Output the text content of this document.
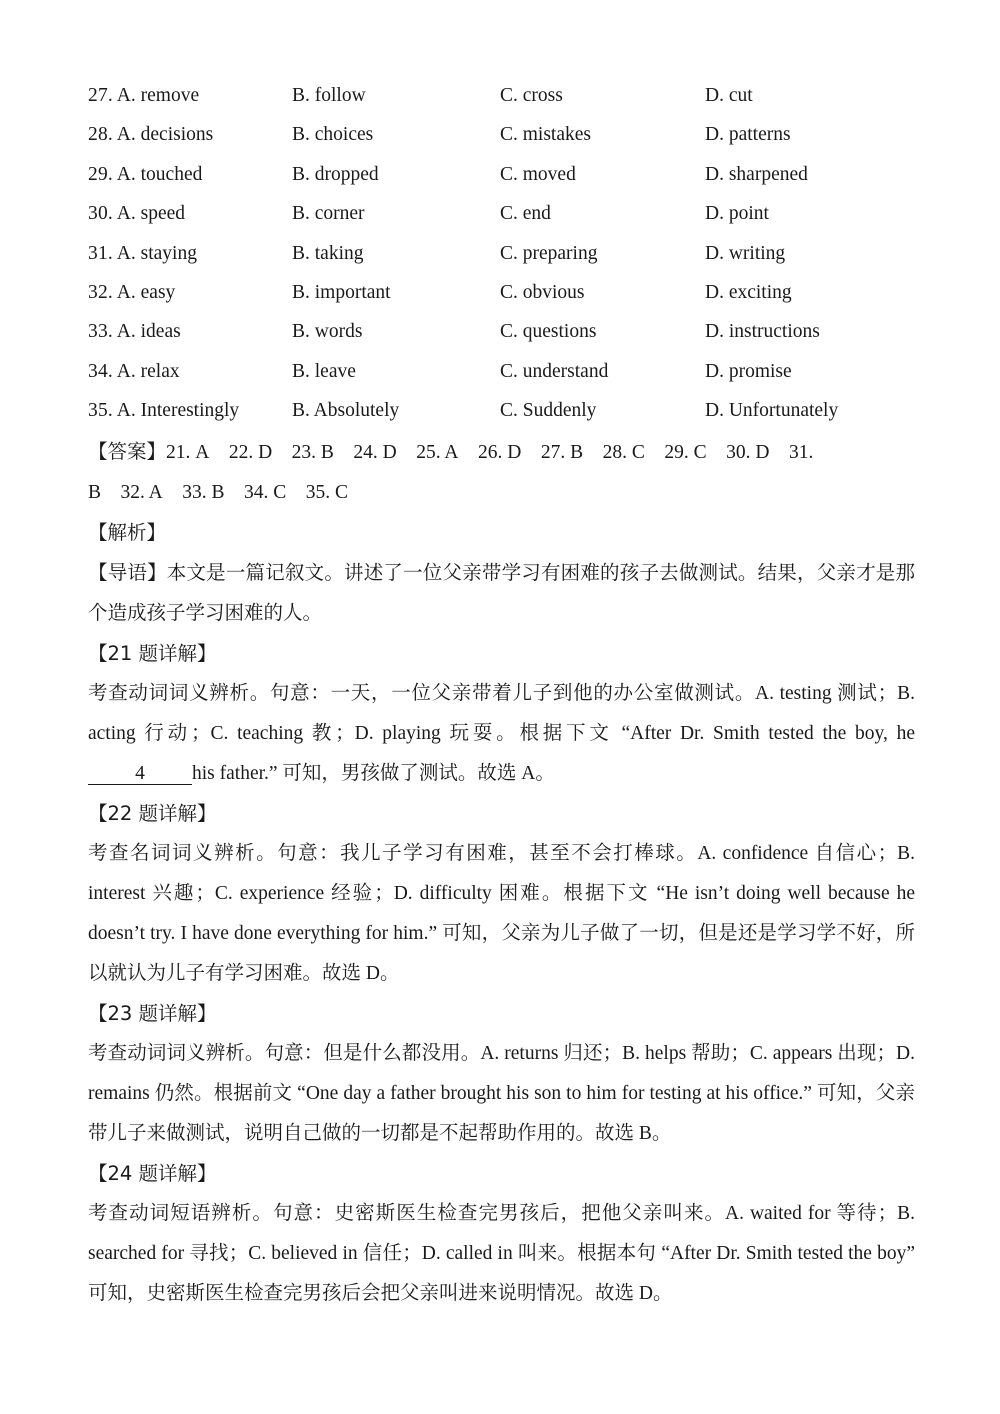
27. A. remove	B. follow	C. cross	D. cut
28. A. decisions	B. choices	C. mistakes	D. patterns
29. A. touched	B. dropped	C. moved	D. sharpened
30. A. speed	B. corner	C. end	D. point
31. A. staying	B. taking	C. preparing	D. writing
32. A. easy	B. important	C. obvious	D. exciting
33. A. ideas	B. words	C. questions	D. instructions
34. A. relax	B. leave	C. understand	D. promise
35. A. Interestingly	B. Absolutely	C. Suddenly	D. Unfortunately
【答案】21. A    22. D    23. B    24. D    25. A    26. D    27. B    28. C    29. C    30. D    31.
B    32. A    33. B    34. C    35. C
【解析】

【导语】本文是一篇记叙文。讲述了一位父亲带学习有困难的孩子去做测试。结果，父亲才是那个造成孩子学习困难的人。

【21 题详解】

考查动词词义辨析。句意：一天，一位父亲带着儿子到他的办公室做测试。A. testing 测试；B. acting 行动；C. teaching 教；D. playing 玩耍。根据下文 “After Dr. Smith tested the boy, he 4 his father.” 可知，男孩做了测试。故选 A。

【22 题详解】

考查名词词义辨析。句意：我儿子学习有困难，甚至不会打棒球。A. confidence 自信心；B. interest 兴趣；C. experience 经验；D. difficulty 困难。根据下文 “He isn’t doing well because he doesn’t try. I have done everything for him.” 可知，父亲为儿子做了一切，但是还是学习学不好，所以就认为儿子有学习困难。故选 D。

【23 题详解】

考查动词词义辨析。句意：但是什么都没用。A. returns 归还；B. helps 帮助；C. appears 出现；D. remains 仍然。根据前文 “One day a father brought his son to him for testing at his office.” 可知，父亲带儿子来做测试，说明自己做的一切都是不起帮助作用的。故选 B。

【24 题详解】

考查动词短语辨析。句意：史密斯医生检查完男孩后，把他父亲叫来。A. waited for 等待；B. searched for 寻找；C. believed in 信任；D. called in 叫来。根据本句 “After Dr. Smith tested the boy” 可知，史密斯医生检查完男孩后会把父亲叫进来说明情况。故选 D。
